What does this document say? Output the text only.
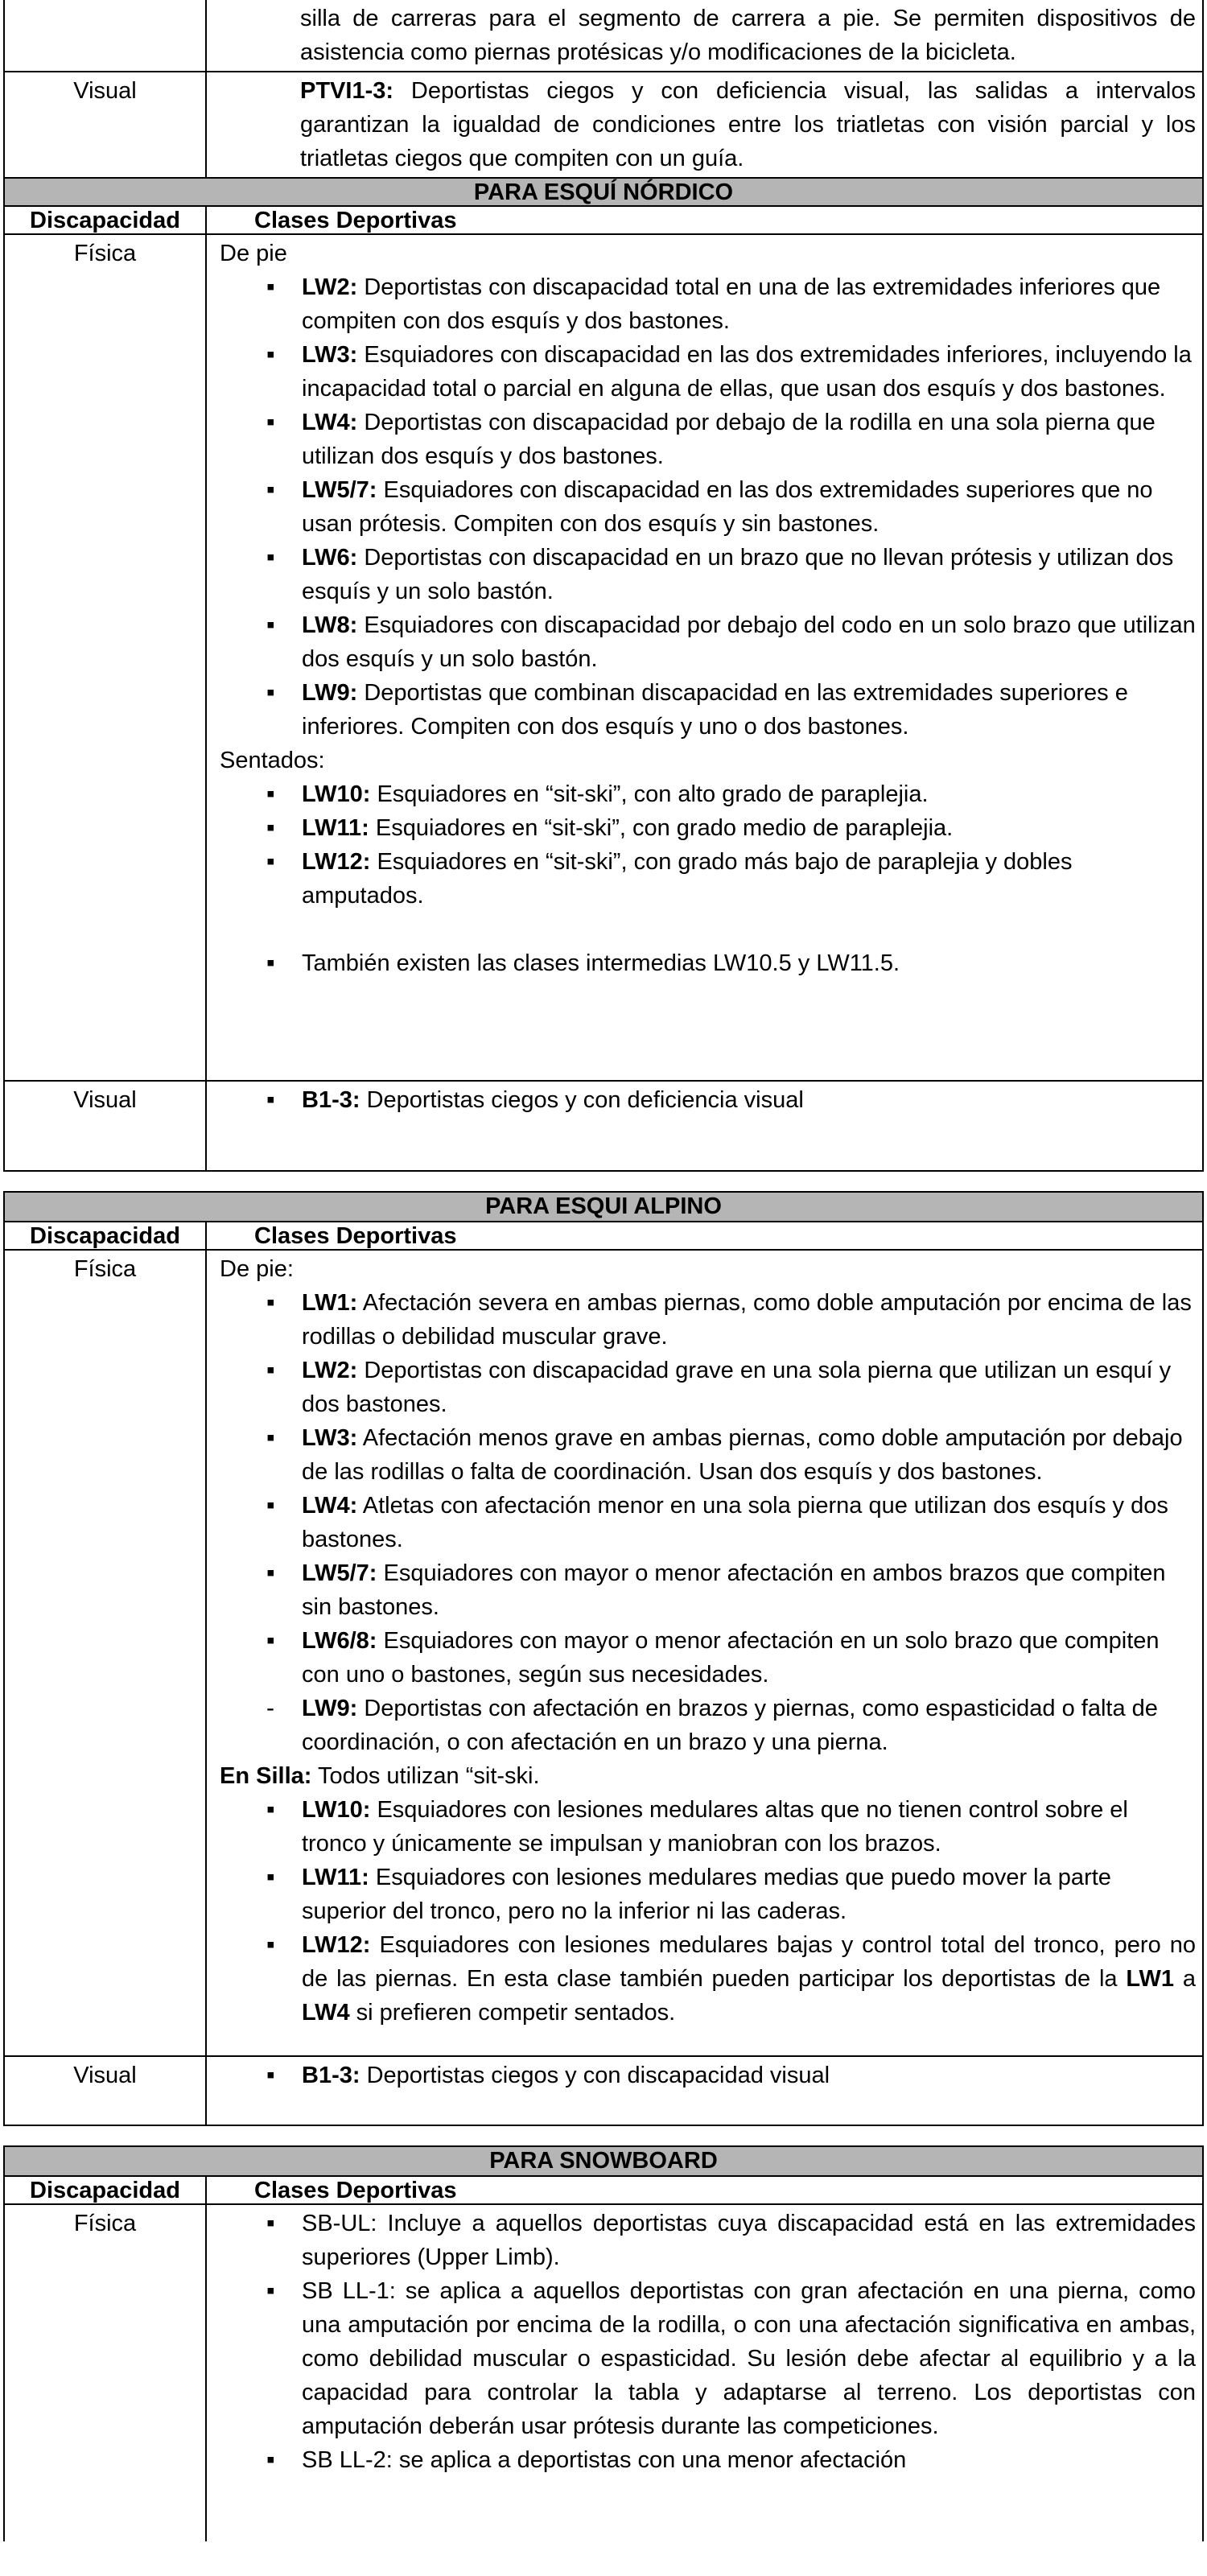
silla de carreras para el segmento de carrera a pie. Se permiten dispositivos de asistencia como piernas protésicas y/o modificaciones de la bicicleta.
Visual	PTVI1-3: Deportistas ciegos y con deficiencia visual, las salidas a intervalos garantizan la igualdad de condiciones entre los triatletas con visión parcial y los triatletas ciegos que compiten con un guía.
PARA ESQUÍ NÓRDICO
Discapacidad	Clases Deportivas
Física	De pie
▪	LW2: Deportistas con discapacidad total en una de las extremidades inferiores que compiten con dos esquís y dos bastones.
▪	LW3: Esquiadores con discapacidad en las dos extremidades inferiores, incluyendo la incapacidad total o parcial en alguna de ellas, que usan dos esquís y dos bastones.
▪	LW4: Deportistas con discapacidad por debajo de la rodilla en una sola pierna que utilizan dos esquís y dos bastones.
▪	LW5/7: Esquiadores con discapacidad en las dos extremidades superiores que no usan prótesis. Compiten con dos esquís y sin bastones.
▪	LW6: Deportistas con discapacidad en un brazo que no llevan prótesis y utilizan dos esquís y un solo bastón.
▪	LW8: Esquiadores con discapacidad por debajo del codo en un solo brazo que utilizan dos esquís y un solo bastón.
▪	LW9: Deportistas que combinan discapacidad en las extremidades superiores e inferiores. Compiten con dos esquís y uno o dos bastones.
Sentados:
▪	LW10: Esquiadores en “sit-ski”, con alto grado de paraplejia.
▪	LW11: Esquiadores en “sit-ski”, con grado medio de paraplejia.
▪	LW12: Esquiadores en “sit-ski”, con grado más bajo de paraplejia y dobles amputados.
▪	También existen las clases intermedias LW10.5 y LW11.5.
Visual	▪	B1-3: Deportistas ciegos y con deficiencia visual
PARA ESQUI ALPINO
Discapacidad	Clases Deportivas
Física	De pie:
▪	LW1: Afectación severa en ambas piernas, como doble amputación por encima de las rodillas o debilidad muscular grave.
▪	LW2: Deportistas con discapacidad grave en una sola pierna que utilizan un esquí y dos bastones.
▪	LW3: Afectación menos grave en ambas piernas, como doble amputación por debajo de las rodillas o falta de coordinación. Usan dos esquís y dos bastones.
▪	LW4: Atletas con afectación menor en una sola pierna que utilizan dos esquís y dos bastones.
▪	LW5/7: Esquiadores con mayor o menor afectación en ambos brazos que compiten sin bastones.
▪	LW6/8: Esquiadores con mayor o menor afectación en un solo brazo que compiten con uno o bastones, según sus necesidades.
-	LW9: Deportistas con afectación en brazos y piernas, como espasticidad o falta de coordinación, o con afectación en un brazo y una pierna.
En Silla: Todos utilizan “sit-ski.
▪	LW10: Esquiadores con lesiones medulares altas que no tienen control sobre el tronco y únicamente se impulsan y maniobran con los brazos.
▪	LW11: Esquiadores con lesiones medulares medias que puedo mover la parte superior del tronco, pero no la inferior ni las caderas.
▪	LW12: Esquiadores con lesiones medulares bajas y control total del tronco, pero no de las piernas. En esta clase también pueden participar los deportistas de la LW1 a LW4 si prefieren competir sentados.
Visual	▪	B1-3: Deportistas ciegos y con discapacidad visual
PARA SNOWBOARD
Discapacidad	Clases Deportivas
Física	▪	SB-UL: Incluye a aquellos deportistas cuya discapacidad está en las extremidades superiores (Upper Limb).
▪	SB LL-1: se aplica a aquellos deportistas con gran afectación en una pierna, como una amputación por encima de la rodilla, o con una afectación significativa en ambas, como debilidad muscular o espasticidad. Su lesión debe afectar al equilibrio y a la capacidad para controlar la tabla y adaptarse al terreno. Los deportistas con amputación deberán usar prótesis durante las competiciones.
▪	SB LL-2: se aplica a deportistas con una menor afectación
